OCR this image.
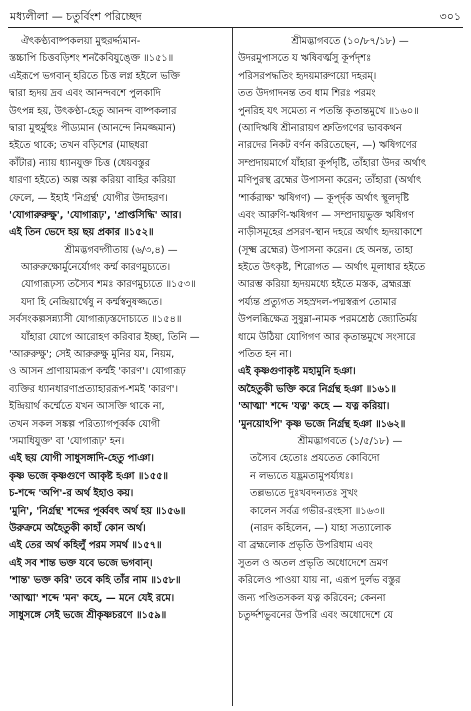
মধ্যলীলা — চতুর্বিংশ পরিচ্ছেদ	৩০১
ঐৎকণ্ঠ্যবাষ্পকলয়া মুহুরর্দ্দ্যমান-
স্তচ্চাপি চিত্তবড়িশং শনকৈবিযুঙ্ক্তে ॥১৫১॥
এইরূপে ভগবান্‌ হরিতে চিত্ত লগ্ন হইলে ভক্তি
দ্বারা হৃদয় দ্রব এবং আনন্দবশে পুলকাদি
উৎপন্ন হয়, উৎকণ্ঠা-হেতু আনন্দ বাষ্পকলার
দ্বারা মুহুর্মুহুঃ পীড্যমান (আনন্দে নিমজ্জমান)
হইতে থাকে; তখন বড়িশের (মাছধরা
কাঁটার) ন্যায় ধ্যানযুক্ত চিত্ত (ধেয়বস্তুর
ধারণা হইতে) অল্প অল্প করিয়া বাহির করিয়া
ফেলে, — ইহাই 'নিগ্রর্ন্থ' যোগীর উদাহরণ।
'যোগারুরুক্ষু', 'যোগারূঢ়', 'প্রাপ্তসিদ্ধি' আর।
এই তিন ভেদে হয় ছয় প্রকার ॥১৫২॥
শ্রীমদ্ভগবদ্গীতায় (৬/৩,৪) —
আরুরুক্ষোর্মুনের্যোগং কর্ম্ম কারণমুচ্যতে।
যোগারূঢ়স্য তস্যৈব শমঃ কারণমুচ্যতে ॥১৫৩॥
যদা হি নেন্দ্রিয়ার্থেষু ন কর্ম্মস্বনুষজ্জতে।
সর্বসংকল্পসন্ন্যাসী যোগারূঢ়স্তদোচ্যতে ॥১৫৪॥
যাঁহারা যোগে আরোহণ করিবার ইচ্ছা, তিনি —
'আরুরুক্ষু'; সেই আরুরুক্ষু মুনির যম, নিয়ম,
ও আসন প্রাণায়ামরূপ কর্ম্মই 'কারণ'। যোগারূঢ়
ব্যক্তির ধ্যানধারণাপ্রত্যাহাররূপ-শমই 'কারণ'।
ইন্দ্রিয়ার্থ কর্ম্মেতে যখন আসক্তি থাকে না,
তখন সকল সঙ্কল্প পরিত্যাগপূর্ব্বক যোগী
'সমাধিযুক্ত' বা 'যোগারূঢ়' হন।
এই ছয় যোগী সাধুসঙ্গাদি-হেতু পাঞা।
কৃষ্ণ ভজে কৃষ্ণগুণে আকৃষ্ট হঞা ॥১৫৫॥
চ-শব্দে 'অপি'-র অর্থ ইহাও কয়।
'মুনি', 'নির্গ্রন্থ' শব্দের পূর্ব্ববৎ অর্থ হয় ॥১৫৬॥
উরুক্রমে অহৈতুকী কাহাঁ কোন অর্থ।
এই তের অর্থ কহিলুঁ পরম সমর্থ ॥১৫৭॥
এই সব শান্ত ভক্ত যবে ভজে ভগবান্‌।
'শান্ত' ভক্ত করি' তবে কহি তাঁর নাম ॥১৫৮॥
'আত্মা' শব্দে 'মন' কহে, — মনে যেই রমে।
সাধুসঙ্গে সেই ভজে শ্রীকৃষ্ণচরণে ॥১৫৯॥
শ্রীমদ্ভাগবতে (১০/৮৭/১৮) —
উদরমুপাসতে য ঋষিবর্ত্মসু কূর্পদৃশঃ
পরিসরপদ্ধতিং হৃদয়মারুণয়ো দহরম্‌।
তত উদগাদনন্ত তব ধাম শিরঃ পরমং
পুনরিহ যৎ সমেত্য ন পতন্তি কৃতান্তমুখে ॥১৬০॥
(আদিঋষি শ্রীনারায়ণ শ্রুতিগণের ভাবকথন
নারদের নিকট বর্ণন করিতেছেন, —) ঋষিগণের
সম্প্রদায়মার্গে যাঁহারা কূর্পদৃষ্টি, তাঁহারা উদর অর্থাৎ
মণিপুরস্থ ব্রহ্মের উপাসনা করেন; তাঁহারা (অর্থাৎ
'শার্করাক্ষ' ঋষিগণ) — কূর্প্দৃক অর্থাৎ স্থূলদৃষ্টি
এবং আরুণি-ঋষিগণ — সম্প্রদায়ভুক্ত ঋষিগণ
নাড়ীসমূহের প্রসরণ-স্থান দহরে অর্থাৎ হৃদয়াকাশে
(সূক্ষ্ম ব্রহ্মের) উপাসনা করেন। হে অনন্ত, তাহা
হইতে উৎকৃষ্ট, শিরোগত — অর্থাৎ মূলাধার হইতে
আরম্ভ করিয়া হৃদয়মধ্যে হইতে মস্তক, ব্রহ্মরন্ধ্র
পর্য্যন্ত প্রত্যুগত সহস্রদল-পদ্মস্বরূপ তোমার
উপলব্ধিক্ষেত্র সুষুম্না-নামক পরমশ্রেষ্ঠ জ্যোতির্ময়
ধামে উঠিয়া যোগিগণ আর কৃতান্তমুখে সংসারে
পতিত হন না।
এই কৃষ্ণগুণাকৃষ্ট মহামুনি হঞা।
অহৈতুকী ভক্তি করে নির্গ্রন্থ হঞা ॥১৬১॥
'আত্মা' শব্দে 'যত্ন' কহে — যত্ন করিয়া।
'মুনয়োঽপি' কৃষ্ণ ভজে নির্গ্রন্থ হঞা ॥১৬২॥
শ্রীমদ্ভাগবতে (১/৫/১৮) —
তস্যৈব হেতোঃ প্রযতেত কোবিদো
ন লভ্যতে যদ্ভ্রমতামুপর্য্যধঃ।
তল্লভ্যতে দুঃখবদন্যতঃ সুখং
কালেন সর্বত্র গভীর-রংহসা ॥১৬৩॥
(নারদ কহিলেন, —) যাহা সত্যালোক
বা ব্রহ্মলোক প্রভৃতি উপরিধাম এবং
সুতল ও অতল প্রভৃতি অধোদেশে ভ্রমণ
করিলেও পাওয়া যায় না, এরূপ দুর্লভ বস্তুর
জন্য পণ্ডিতসকল যত্ন করিবেন; কেননা
চতুর্দ্দশভুবনের উপরি এবং অধোদেশে যে
